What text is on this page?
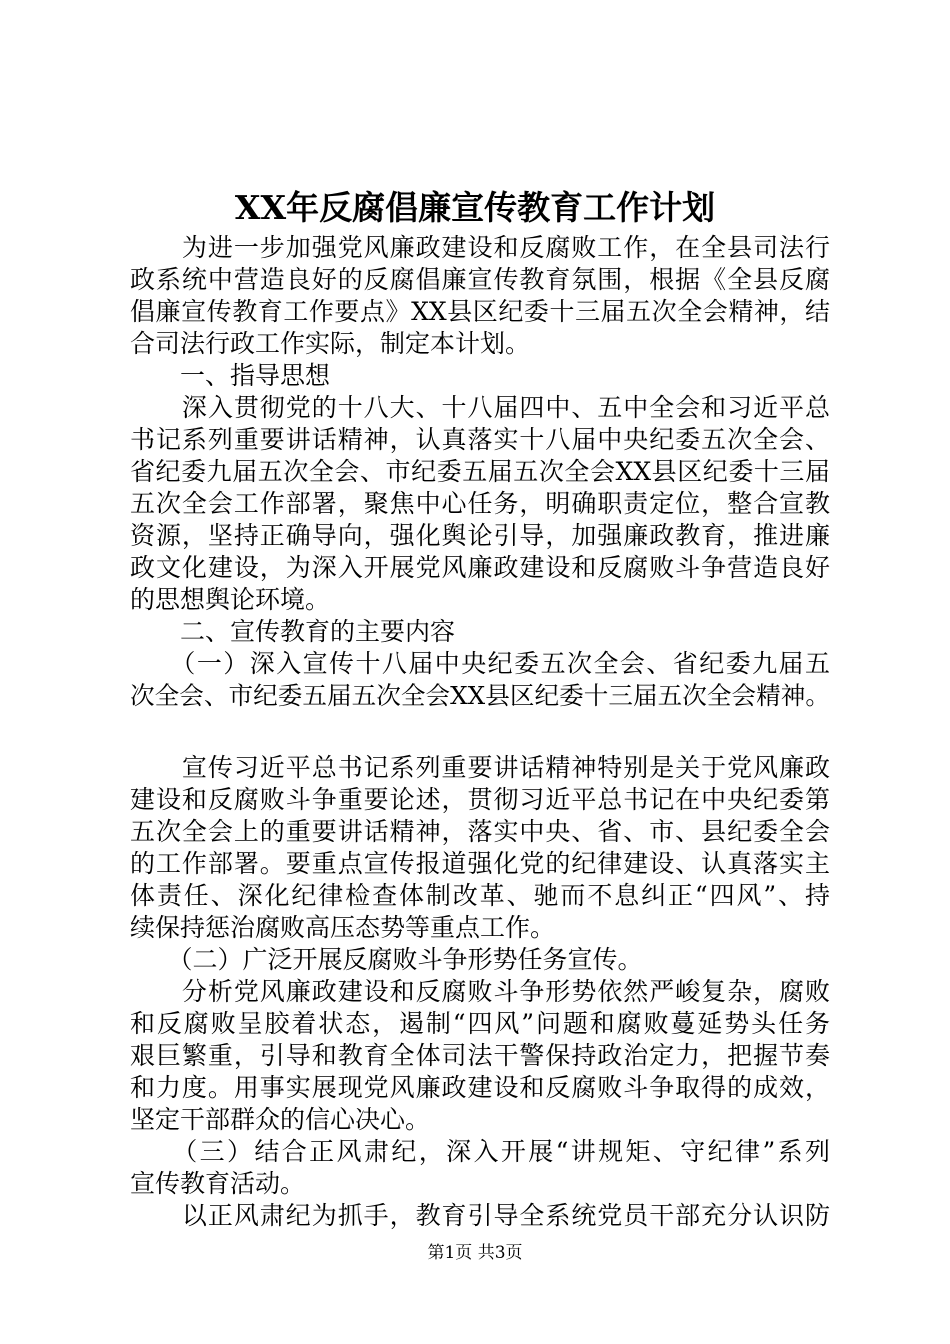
XX年反腐倡廉宣传教育工作计划
　　为进一步加强党风廉政建设和反腐败工作，在全县司法行
政系统中营造良好的反腐倡廉宣传教育氛围，根据《全县反腐
倡廉宣传教育工作要点》XX县区纪委十三届五次全会精神，结
合司法行政工作实际，制定本计划。
　　一、指导思想
　　深入贯彻党的十八大、十八届四中、五中全会和习近平总
书记系列重要讲话精神，认真落实十八届中央纪委五次全会、
省纪委九届五次全会、市纪委五届五次全会XX县区纪委十三届
五次全会工作部署，聚焦中心任务，明确职责定位，整合宣教
资源，坚持正确导向，强化舆论引导，加强廉政教育，推进廉
政文化建设，为深入开展党风廉政建设和反腐败斗争营造良好
的思想舆论环境。
　　二、宣传教育的主要内容
　　（一）深入宣传十八届中央纪委五次全会、省纪委九届五
次全会、市纪委五届五次全会XX县区纪委十三届五次全会精神。
　　宣传习近平总书记系列重要讲话精神特别是关于党风廉政
建设和反腐败斗争重要论述，贯彻习近平总书记在中央纪委第
五次全会上的重要讲话精神，落实中央、省、市、县纪委全会
的工作部署。要重点宣传报道强化党的纪律建设、认真落实主
体责任、深化纪律检查体制改革、驰而不息纠正“四风”、持
续保持惩治腐败高压态势等重点工作。
　　（二）广泛开展反腐败斗争形势任务宣传。
　　分析党风廉政建设和反腐败斗争形势依然严峻复杂，腐败
和反腐败呈胶着状态，遏制“四风”问题和腐败蔓延势头任务
艰巨繁重，引导和教育全体司法干警保持政治定力，把握节奏
和力度。用事实展现党风廉政建设和反腐败斗争取得的成效，
坚定干部群众的信心决心。
　　（三）结合正风肃纪，深入开展“讲规矩、守纪律”系列
宣传教育活动。
　　以正风肃纪为抓手，教育引导全系统党员干部充分认识防
第1页 共3页
